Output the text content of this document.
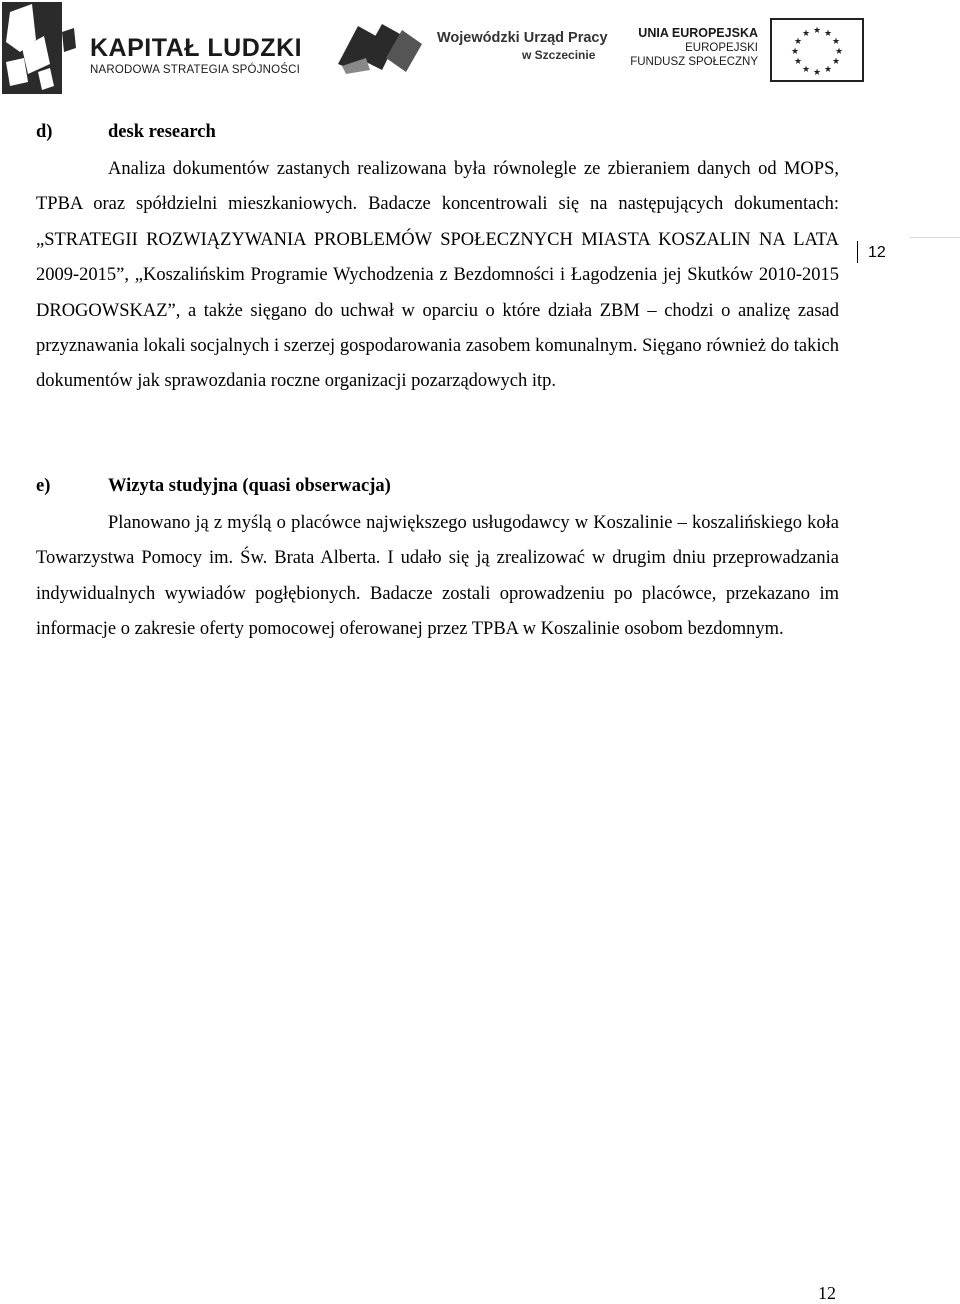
KAPITAŁ LUDZKI
NARODOWA STRATEGIA SPÓJNOŚCI
Wojewódzki Urząd Pracy
w Szczecinie
UNIA EUROPEJSKA
EUROPEJSKI
FUNDUSZ SPOŁECZNY
★ ★
★
★
★
★
★
★
★
★
★
★
12
d)	desk research

Analiza dokumentów zastanych realizowana była równolegle ze zbieraniem danych od MOPS, TPBA oraz spółdzielni mieszkaniowych. Badacze koncentrowali się na następujących dokumentach: „STRATEGII ROZWIĄZYWANIA PROBLEMÓW SPOŁECZNYCH MIASTA KOSZALIN NA LATA 2009-2015”, „Koszalińskim Programie Wychodzenia z Bezdomności i Łagodzenia jej Skutków 2010-2015 DROGOWSKAZ”, a także sięgano do uchwał w oparciu o które działa ZBM – chodzi o analizę zasad przyznawania lokali socjalnych i szerzej gospodarowania zasobem komunalnym. Sięgano również do takich dokumentów jak sprawozdania roczne organizacji pozarządowych itp.

e)	Wizyta studyjna (quasi obserwacja)

Planowano ją z myślą o placówce największego usługodawcy w Koszalinie – koszalińskiego koła Towarzystwa Pomocy im. Św. Brata Alberta. I udało się ją zrealizować w drugim dniu przeprowadzania indywidualnych wywiadów pogłębionych. Badacze zostali oprowadzeniu po placówce, przekazano im informacje o zakresie oferty pomocowej oferowanej przez TPBA w Koszalinie osobom bezdomnym.

12
